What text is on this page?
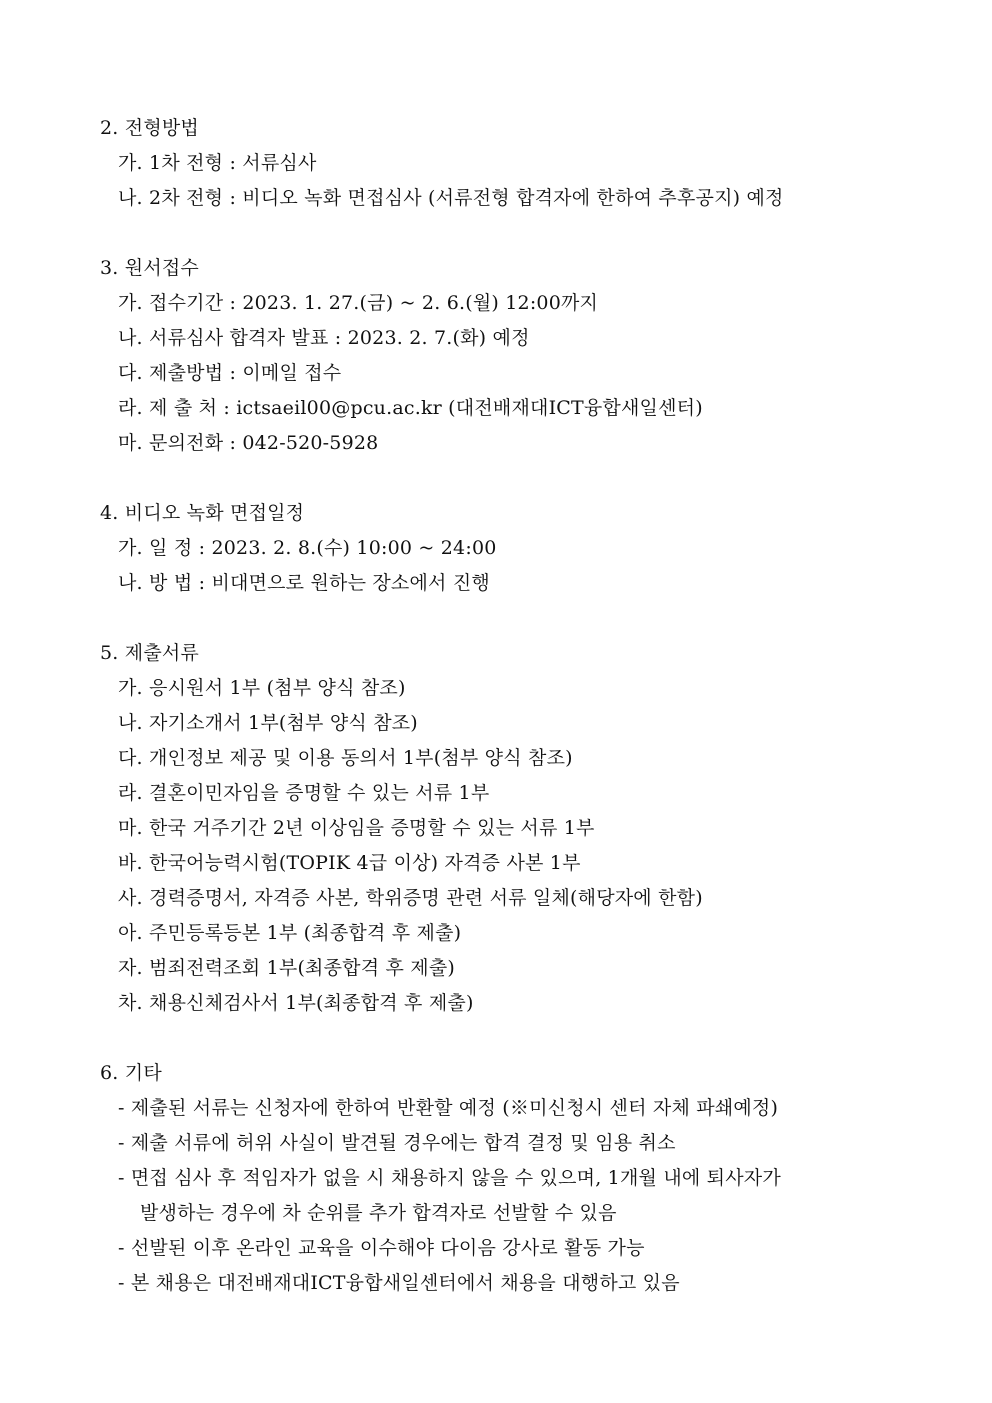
2. 전형방법
가. 1차 전형 : 서류심사
나. 2차 전형 : 비디오 녹화 면접심사 (서류전형 합격자에 한하여 추후공지) 예정
3. 원서접수
가. 접수기간 : 2023. 1. 27.(금) ~ 2. 6.(월) 12:00까지
나. 서류심사 합격자 발표 : 2023. 2. 7.(화) 예정
다. 제출방법 : 이메일 접수
라. 제 출 처 : ictsaeil00@pcu.ac.kr (대전배재대ICT융합새일센터)
마. 문의전화 : 042-520-5928
4. 비디오 녹화 면접일정
가. 일 정 : 2023. 2. 8.(수) 10:00 ~ 24:00
나. 방 법 : 비대면으로 원하는 장소에서 진행
5. 제출서류
가. 응시원서 1부 (첨부 양식 참조)
나. 자기소개서 1부(첨부 양식 참조)
다. 개인정보 제공 및 이용 동의서 1부(첨부 양식 참조)
라. 결혼이민자임을 증명할 수 있는 서류 1부
마. 한국 거주기간 2년 이상임을 증명할 수 있는 서류 1부
바. 한국어능력시험(TOPIK 4급 이상) 자격증 사본 1부
사. 경력증명서, 자격증 사본, 학위증명 관련 서류 일체(해당자에 한함)
아. 주민등록등본 1부 (최종합격 후 제출)
자. 범죄전력조회 1부(최종합격 후 제출)
차. 채용신체검사서 1부(최종합격 후 제출)
6. 기타
- 제출된 서류는 신청자에 한하여 반환할 예정 (※미신청시 센터 자체 파쇄예정)
- 제출 서류에 허위 사실이 발견될 경우에는 합격 결정 및 임용 취소
- 면접 심사 후 적임자가 없을 시 채용하지 않을 수 있으며, 1개월 내에 퇴사자가
발생하는 경우에 차 순위를 추가 합격자로 선발할 수 있음
- 선발된 이후 온라인 교육을 이수해야 다이음 강사로 활동 가능
- 본 채용은 대전배재대ICT융합새일센터에서 채용을 대행하고 있음
